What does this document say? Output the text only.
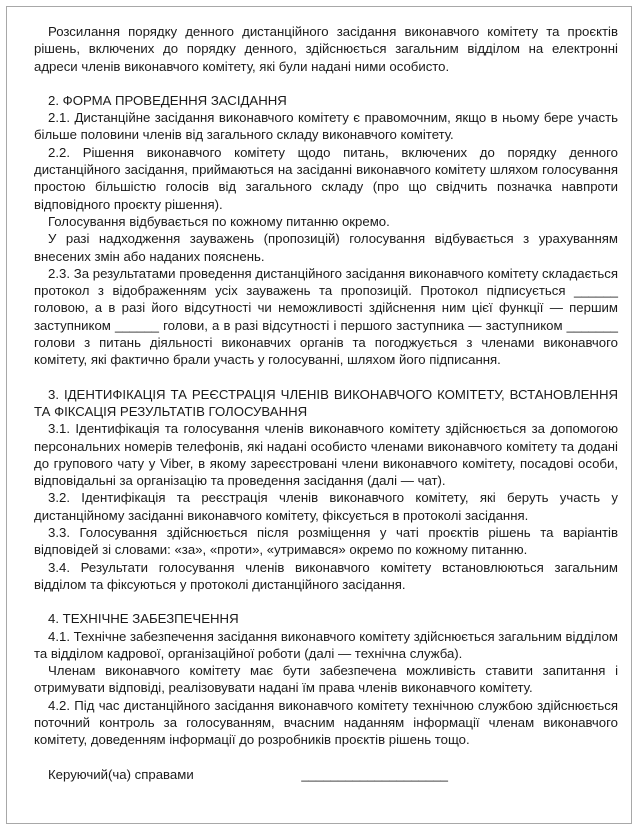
Розсилання порядку денного дистанційного засідання виконавчого комітету та проєктів рішень, включених до порядку денного, здійснюється загальним відділом на електронні адреси членів виконавчого комітету, які були надані ними особисто.

2. ФОРМА ПРОВЕДЕННЯ ЗАСІДАННЯ

2.1. Дистанційне засідання виконавчого комітету є правомочним, якщо в ньому бере участь більше половини членів від загального складу виконавчого комітету.

2.2. Рішення виконавчого комітету щодо питань, включених до порядку денного дистанційного засідання, приймаються на засіданні виконавчого комітету шляхом голосування простою більшістю голосів від загального складу (про що свідчить позначка навпроти відповідного проєкту рішення).

Голосування відбувається по кожному питанню окремо.

У разі надходження зауважень (пропозицій) голосування відбувається з урахуванням внесених змін або наданих пояснень.

2.3. За результатами проведення дистанційного засідання виконавчого комітету складається протокол з відображенням усіх зауважень та пропозицій. Протокол підписується ______ головою, а в разі його відсутності чи неможливості здійснення ним цієї функції — першим заступником ______ голови, а в разі відсутності і першого заступника — заступником _______ голови з питань діяльності виконавчих органів та погоджується з членами виконавчого комітету, які фактично брали участь у голосуванні, шляхом його підписання.

3. ІДЕНТИФІКАЦІЯ ТА РЕЄСТРАЦІЯ ЧЛЕНІВ ВИКОНАВЧОГО КОМІТЕТУ, ВСТАНОВЛЕННЯ ТА ФІКСАЦІЯ РЕЗУЛЬТАТІВ ГОЛОСУВАННЯ

3.1. Ідентифікація та голосування членів виконавчого комітету здійснюється за допомогою персональних номерів телефонів, які надані особисто членами виконавчого комітету та додані до групового чату у Viber, в якому зареєстровані члени виконавчого комітету, посадові особи, відповідальні за організацію та проведення засідання (далі — чат).

3.2. Ідентифікація та реєстрація членів виконавчого комітету, які беруть участь у дистанційному засіданні виконавчого комітету, фіксується в протоколі засідання.

3.3. Голосування здійснюється після розміщення у чаті проєктів рішень та варіантів відповідей зі словами: «за», «проти», «утримався» окремо по кожному питанню.

3.4. Результати голосування членів виконавчого комітету встановлюються загальним відділом та фіксуються у протоколі дистанційного засідання.

4. ТЕХНІЧНЕ ЗАБЕЗПЕЧЕННЯ

4.1. Технічне забезпечення засідання виконавчого комітету здійснюється загальним відділом та відділом кадрової, організаційної роботи (далі — технічна служба).

Членам виконавчого комітету має бути забезпечена можливість ставити запитання і отримувати відповіді, реалізовувати надані їм права членів виконавчого комітету.

4.2. Під час дистанційного засідання виконавчого комітету технічною службою здійснюється поточний контроль за голосуванням, вчасним наданням інформації членам виконавчого комітету, доведенням інформації до розробників проєктів рішень тощо.

Керуючий(ча) справами	____________________
